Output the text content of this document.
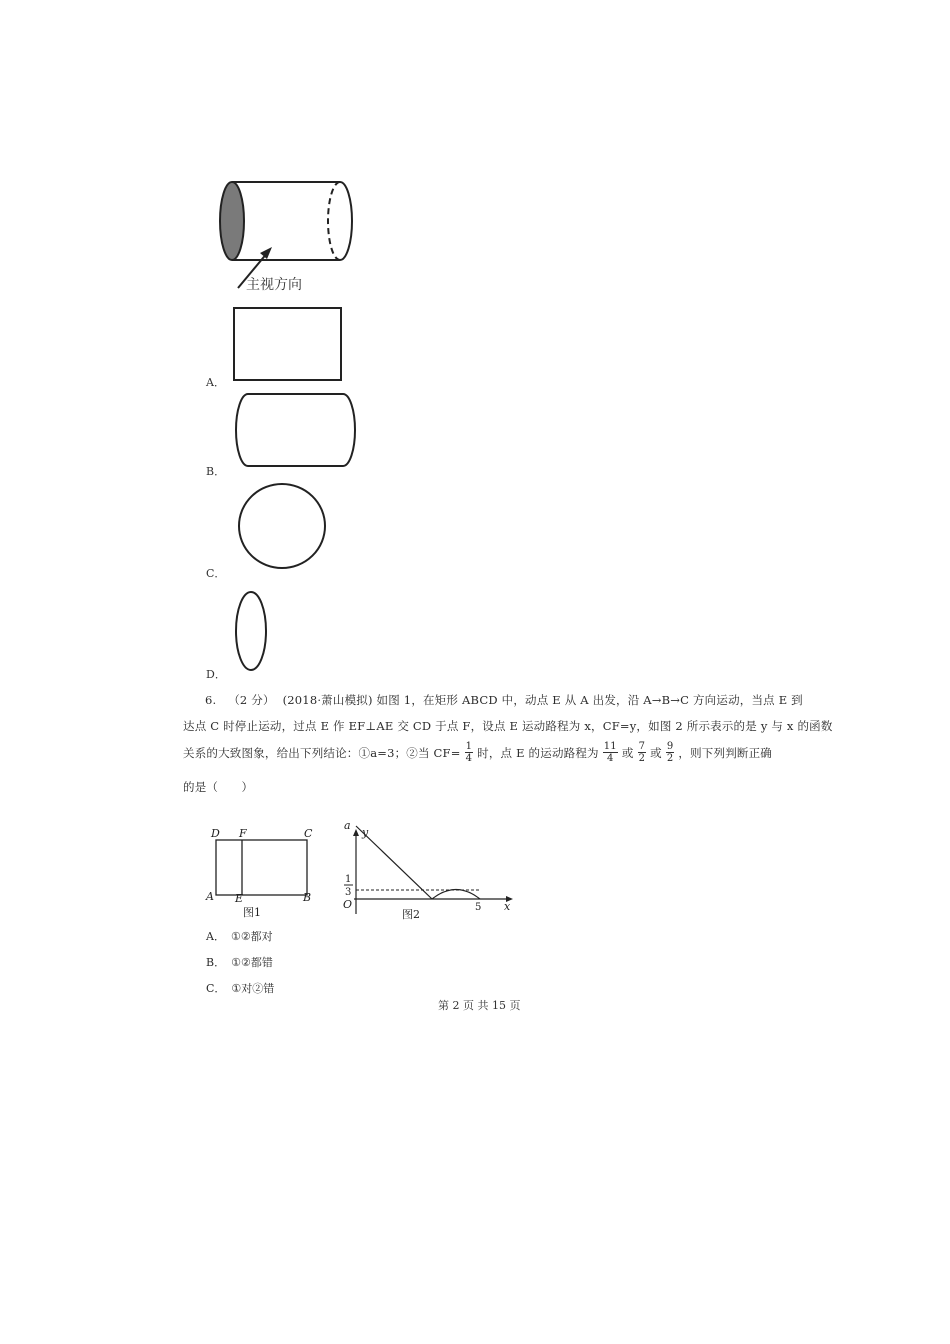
主视方向
A．
B．
C．
D．
6. （2 分） (2018·萧山模拟) 如图 1，在矩形 ABCD 中，动点 E 从 A 出发，沿 A→B→C 方向运动，当点 E 到
达点 C 时停止运动，过点 E 作 EF⊥AE 交 CD 于点 F，设点 E 运动路程为 x，CF=y，如图 2 所示表示的是 y 与 x 的函数
关系的大致图象，给出下列结论：①a=3；②当 $CF= \frac{1}{4}$ 时，点 E 的运动路程为 $\frac{11}{4}$ 或 $\frac{7}{2}$ 或 $\frac{9}{2}$ ，则下列判断正确
的是（　　）
D F	C
A E	B
图1
y
a
1
3
O	5 x
图2
A． ①②都对
B． ①②都错
C． ①对②错
第 2 页 共 15 页
